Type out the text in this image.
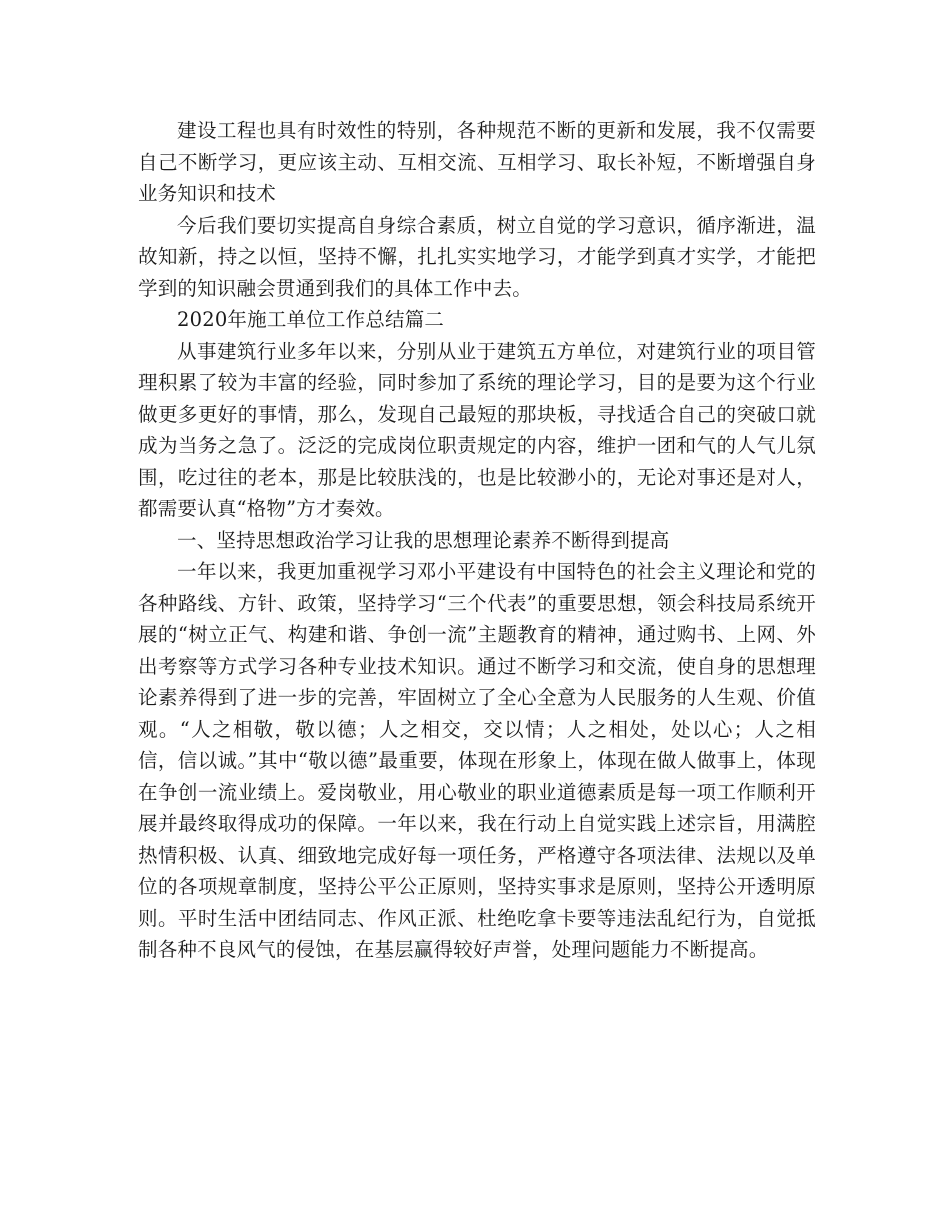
建设工程也具有时效性的特别，各种规范不断的更新和发展，我不仅需要自己不断学习，更应该主动、互相交流、互相学习、取长补短，不断增强自身业务知识和技术

今后我们要切实提高自身综合素质，树立自觉的学习意识，循序渐进，温故知新，持之以恒，坚持不懈，扎扎实实地学习，才能学到真才实学，才能把学到的知识融会贯通到我们的具体工作中去。

2020年施工单位工作总结篇二

从事建筑行业多年以来，分别从业于建筑五方单位，对建筑行业的项目管理积累了较为丰富的经验，同时参加了系统的理论学习，目的是要为这个行业做更多更好的事情，那么，发现自己最短的那块板，寻找适合自己的突破口就成为当务之急了。泛泛的完成岗位职责规定的内容，维护一团和气的人气儿氛围，吃过往的老本，那是比较肤浅的，也是比较渺小的，无论对事还是对人，都需要认真“格物”方才奏效。

一、坚持思想政治学习让我的思想理论素养不断得到提高

一年以来，我更加重视学习邓小平建设有中国特色的社会主义理论和党的各种路线、方针、政策，坚持学习“三个代表”的重要思想，领会科技局系统开展的“树立正气、构建和谐、争创一流”主题教育的精神，通过购书、上网、外出考察等方式学习各种专业技术知识。通过不断学习和交流，使自身的思想理论素养得到了进一步的完善，牢固树立了全心全意为人民服务的人生观、价值观。“人之相敬，敬以德；人之相交，交以情；人之相处，处以心；人之相信，信以诚。”其中“敬以德”最重要，体现在形象上，体现在做人做事上，体现在争创一流业绩上。爱岗敬业，用心敬业的职业道德素质是每一项工作顺利开展并最终取得成功的保障。一年以来，我在行动上自觉实践上述宗旨，用满腔热情积极、认真、细致地完成好每一项任务，严格遵守各项法律、法规以及单位的各项规章制度，坚持公平公正原则，坚持实事求是原则，坚持公开透明原则。平时生活中团结同志、作风正派、杜绝吃拿卡要等违法乱纪行为，自觉抵制各种不良风气的侵蚀，在基层赢得较好声誉，处理问题能力不断提高。
